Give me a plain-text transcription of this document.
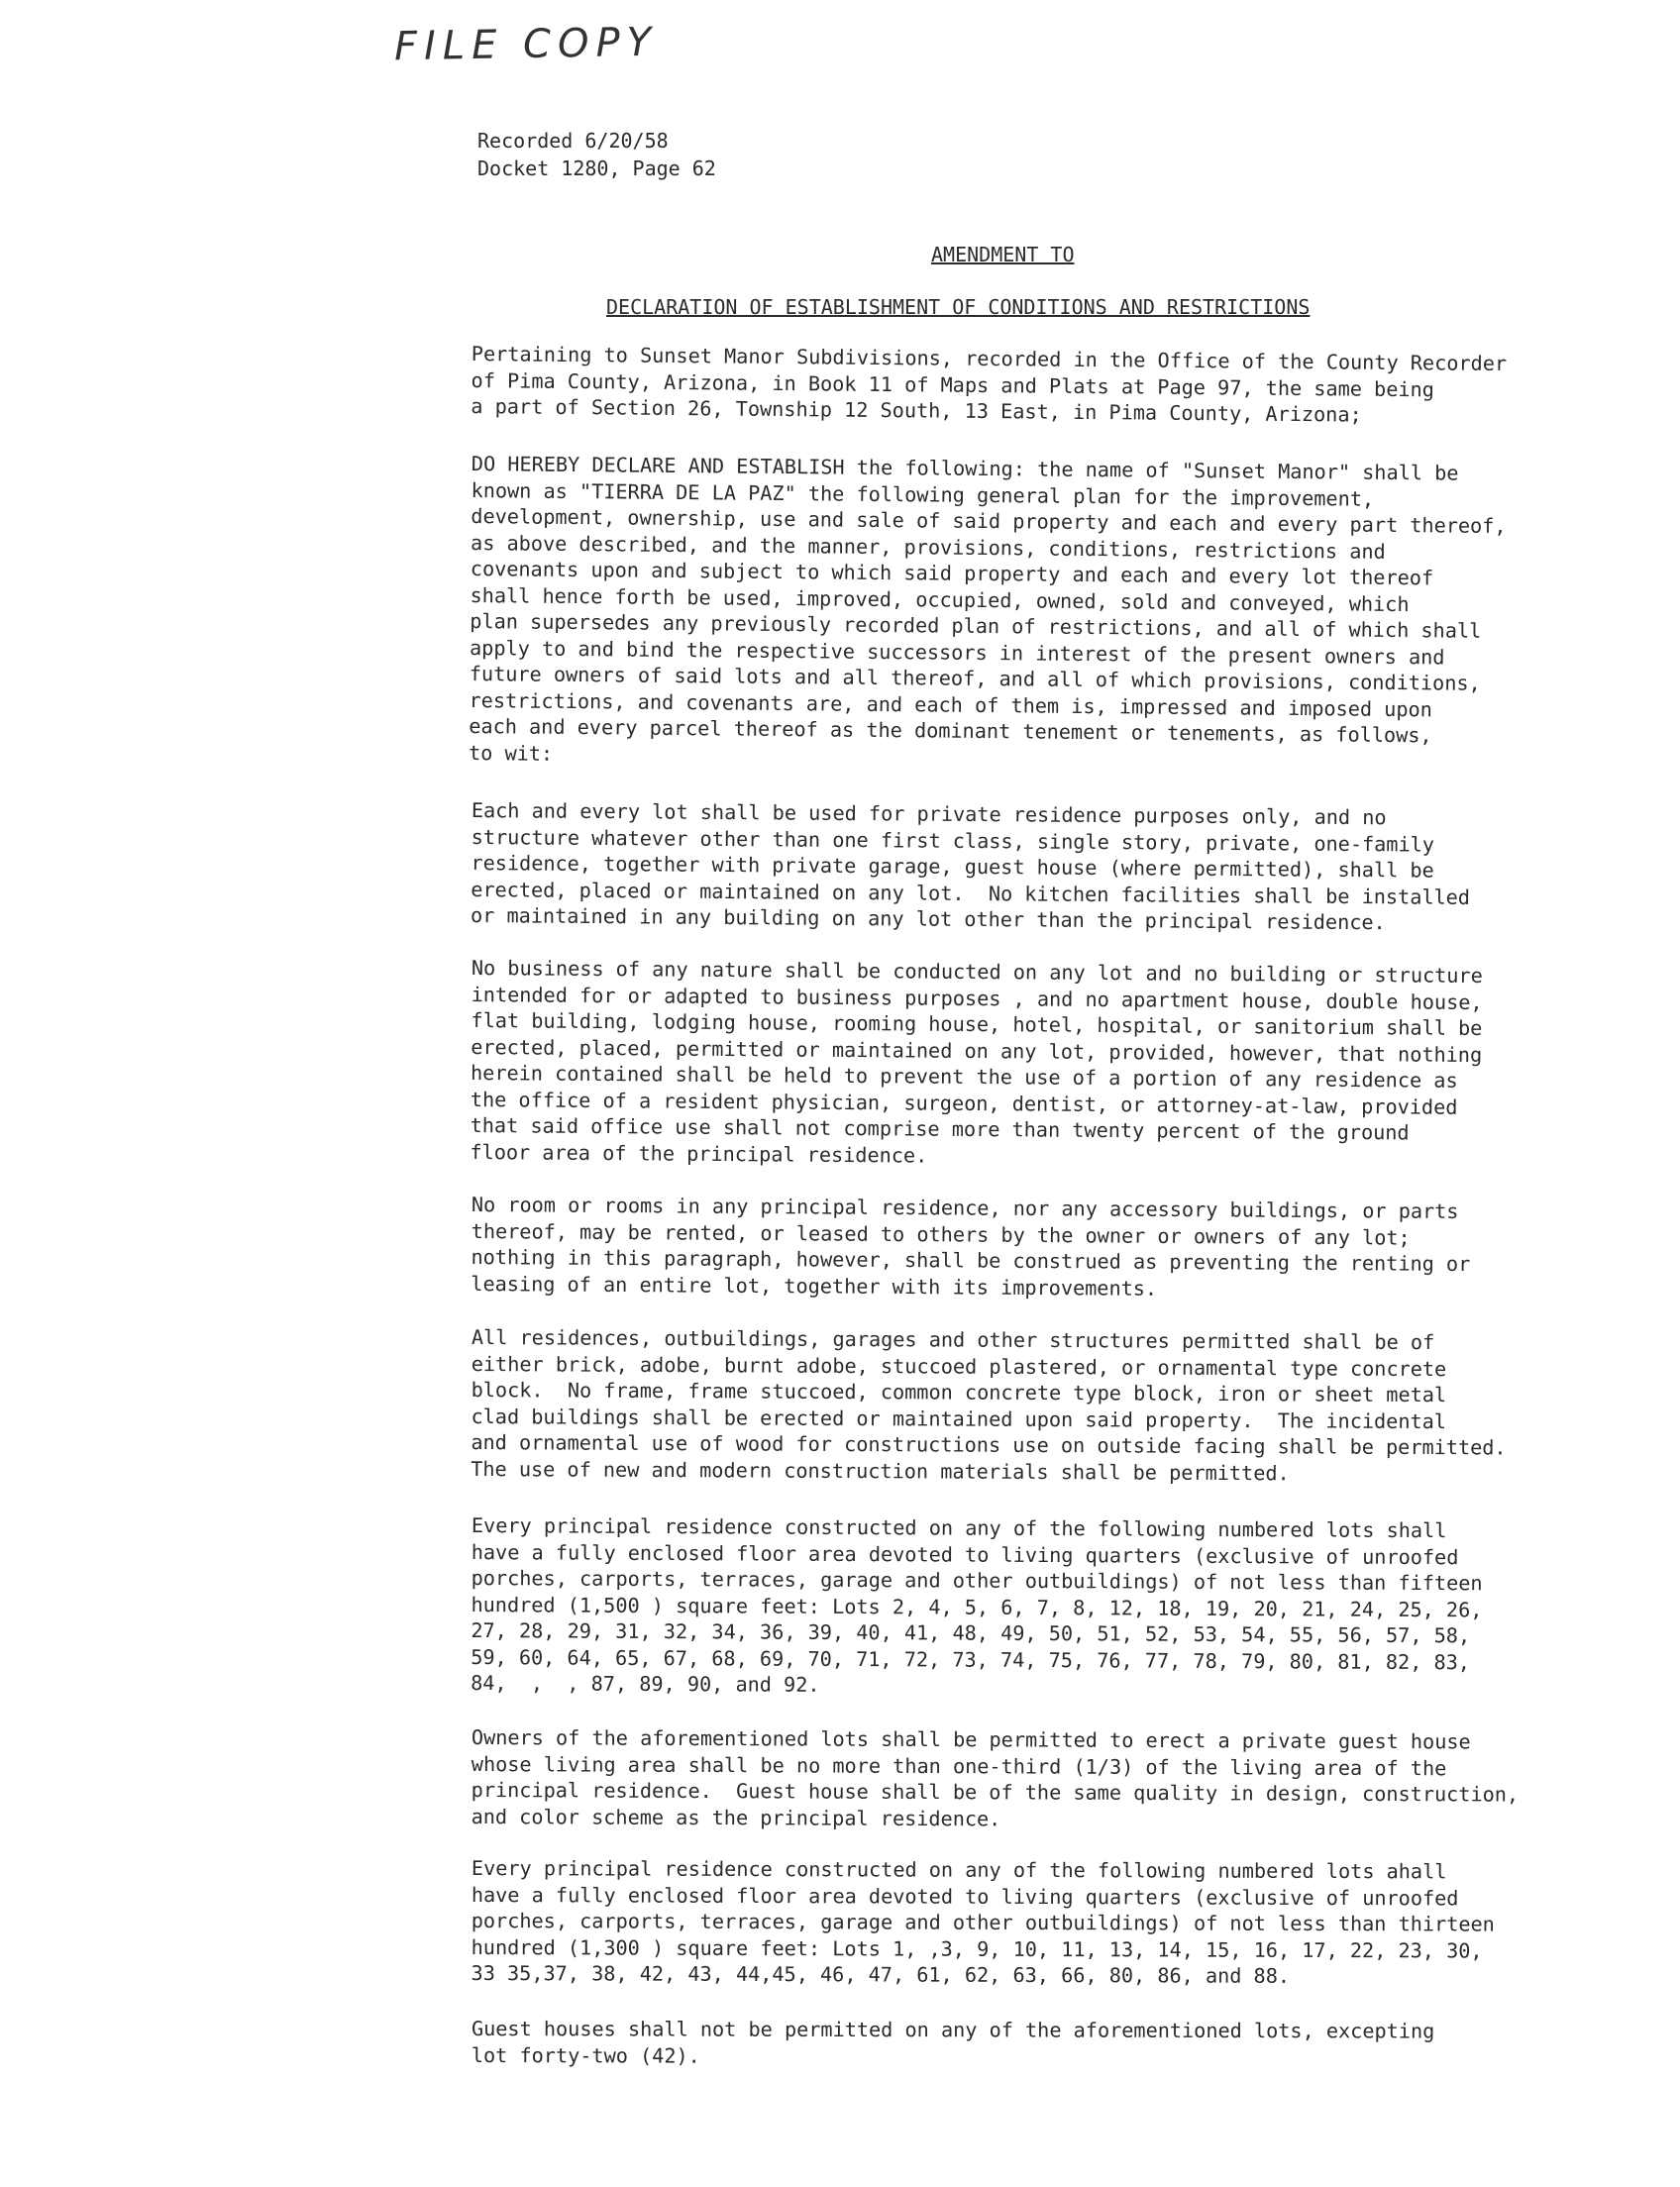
FILE COPY
Recorded 6/20/58
Docket 1280, Page 62
AMENDMENT TO
DECLARATION OF ESTABLISHMENT OF CONDITIONS AND RESTRICTIONS
Pertaining to Sunset Manor Subdivisions, recorded in the Office of the County Recorder
of Pima County, Arizona, in Book 11 of Maps and Plats at Page 97, the same being
a part of Section 26, Township 12 South, 13 East, in Pima County, Arizona;
DO HEREBY DECLARE AND ESTABLISH the following: the name of "Sunset Manor" shall be
known as "TIERRA DE LA PAZ" the following general plan for the improvement,
development, ownership, use and sale of said property and each and every part thereof,
as above described, and the manner, provisions, conditions, restrictions and
covenants upon and subject to which said property and each and every lot thereof
shall hence forth be used, improved, occupied, owned, sold and conveyed, which
plan supersedes any previously recorded plan of restrictions, and all of which shall
apply to and bind the respective successors in interest of the present owners and
future owners of said lots and all thereof, and all of which provisions, conditions,
restrictions, and covenants are, and each of them is, impressed and imposed upon
each and every parcel thereof as the dominant tenement or tenements, as follows,
to wit:
Each and every lot shall be used for private residence purposes only, and no
structure whatever other than one first class, single story, private, one-family
residence, together with private garage, guest house (where permitted), shall be
erected, placed or maintained on any lot.  No kitchen facilities shall be installed
or maintained in any building on any lot other than the principal residence.
No business of any nature shall be conducted on any lot and no building or structure
intended for or adapted to business purposes , and no apartment house, double house,
flat building, lodging house, rooming house, hotel, hospital, or sanitorium shall be
erected, placed, permitted or maintained on any lot, provided, however, that nothing
herein contained shall be held to prevent the use of a portion of any residence as
the office of a resident physician, surgeon, dentist, or attorney-at-law, provided
that said office use shall not comprise more than twenty percent of the ground
floor area of the principal residence.
No room or rooms in any principal residence, nor any accessory buildings, or parts
thereof, may be rented, or leased to others by the owner or owners of any lot;
nothing in this paragraph, however, shall be construed as preventing the renting or
leasing of an entire lot, together with its improvements.
All residences, outbuildings, garages and other structures permitted shall be of
either brick, adobe, burnt adobe, stuccoed plastered, or ornamental type concrete
block.  No frame, frame stuccoed, common concrete type block, iron or sheet metal
clad buildings shall be erected or maintained upon said property.  The incidental
and ornamental use of wood for constructions use on outside facing shall be permitted.
The use of new and modern construction materials shall be permitted.
Every principal residence constructed on any of the following numbered lots shall
have a fully enclosed floor area devoted to living quarters (exclusive of unroofed
porches, carports, terraces, garage and other outbuildings) of not less than fifteen
hundred (1,500 ) square feet: Lots 2, 4, 5, 6, 7, 8, 12, 18, 19, 20, 21, 24, 25, 26,
27, 28, 29, 31, 32, 34, 36, 39, 40, 41, 48, 49, 50, 51, 52, 53, 54, 55, 56, 57, 58,
59, 60, 64, 65, 67, 68, 69, 70, 71, 72, 73, 74, 75, 76, 77, 78, 79, 80, 81, 82, 83,
84,  ,  , 87, 89, 90, and 92.
Owners of the aforementioned lots shall be permitted to erect a private guest house
whose living area shall be no more than one-third (1/3) of the living area of the
principal residence.  Guest house shall be of the same quality in design, construction,
and color scheme as the principal residence.
Every principal residence constructed on any of the following numbered lots ahall
have a fully enclosed floor area devoted to living quarters (exclusive of unroofed
porches, carports, terraces, garage and other outbuildings) of not less than thirteen
hundred (1,300 ) square feet: Lots 1, ,3, 9, 10, 11, 13, 14, 15, 16, 17, 22, 23, 30,
33 35,37, 38, 42, 43, 44,45, 46, 47, 61, 62, 63, 66, 80, 86, and 88.
Guest houses shall not be permitted on any of the aforementioned lots, excepting
lot forty-two (42).
